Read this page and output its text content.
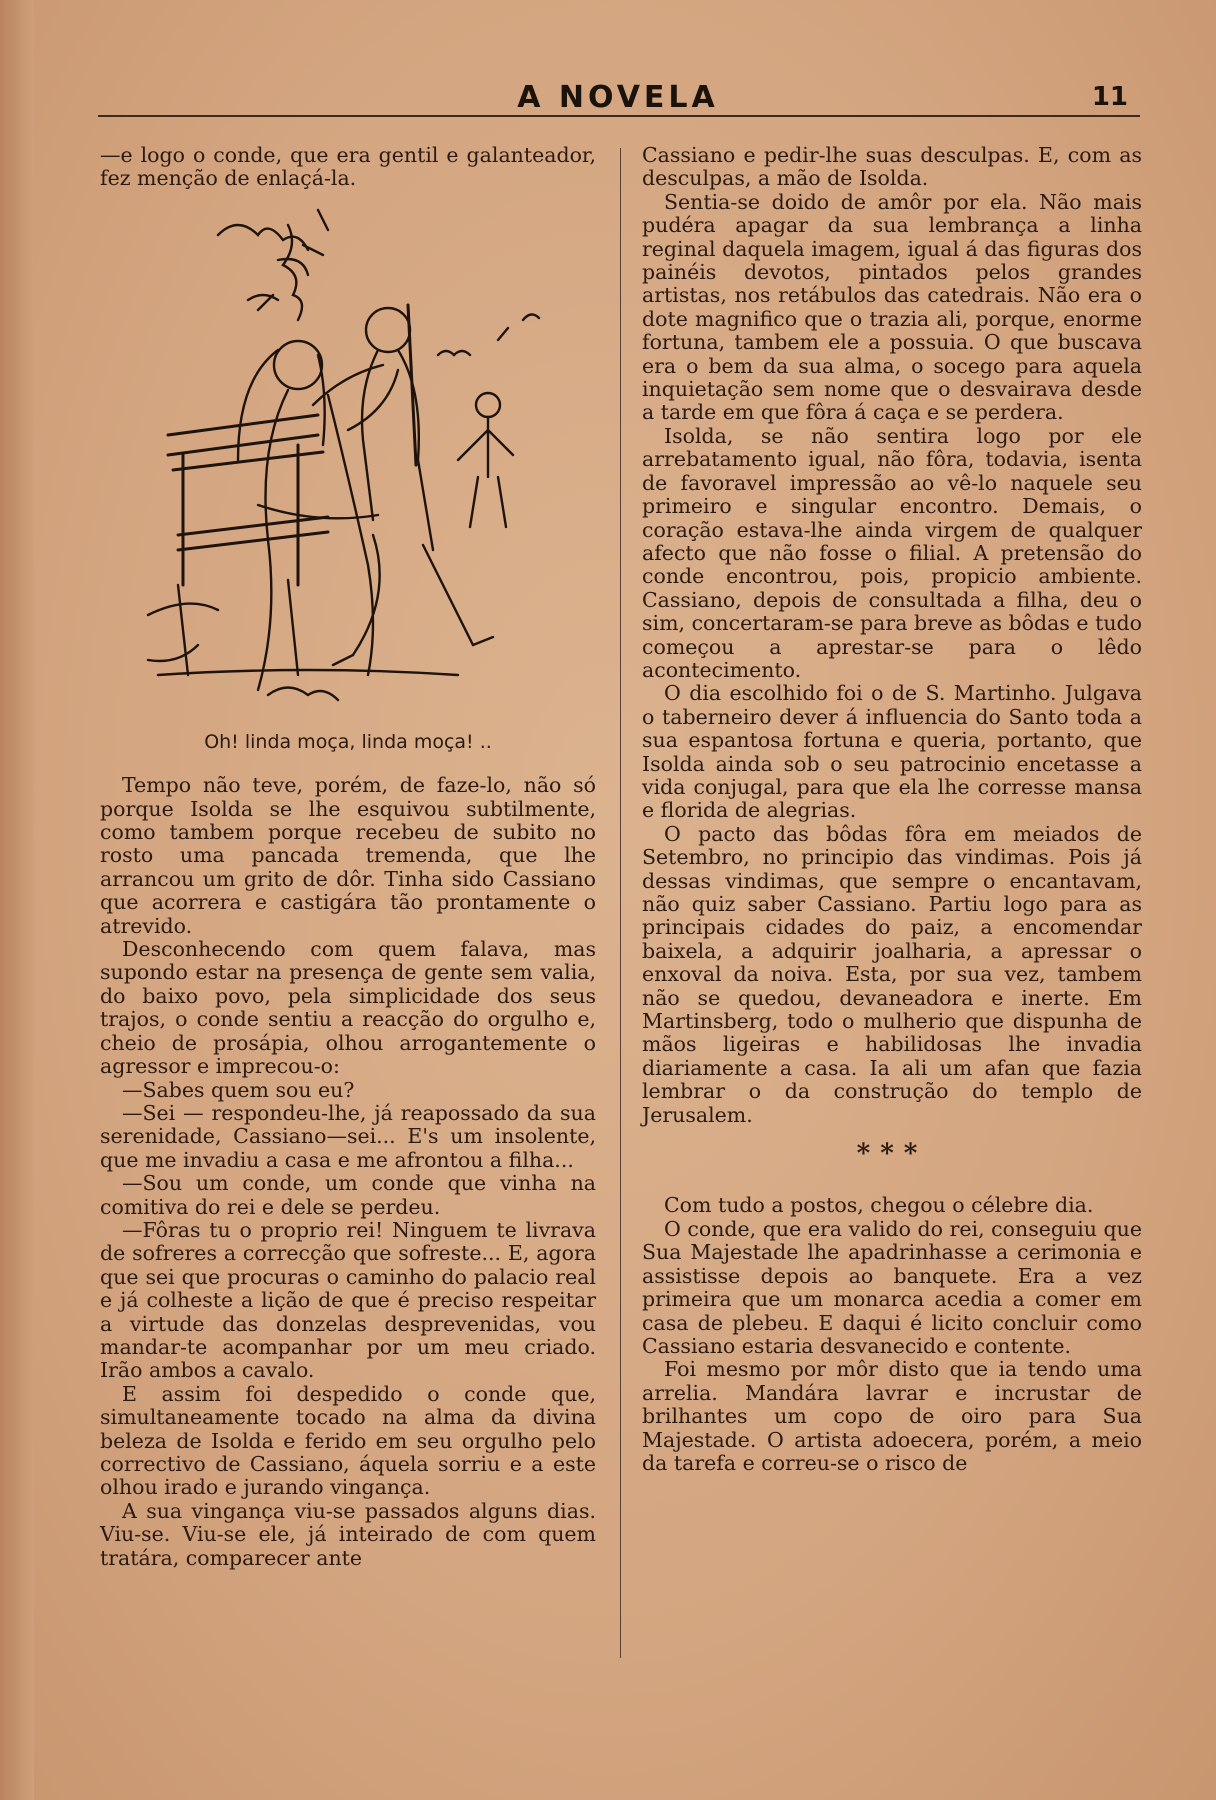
A NOVELA	11

—e logo o conde, que era gentil e galanteador, fez menção de enlaçá-la.

Oh! linda moça, linda moça! ..

Tempo não teve, porém, de faze-lo, não só porque Isolda se lhe esquivou subtilmente, como tambem porque recebeu de subito no rosto uma pancada tremenda, que lhe arrancou um grito de dôr. Tinha sido Cassiano que acorrera e castigára tão prontamente o atrevido.

Desconhecendo com quem falava, mas supondo estar na presença de gente sem valia, do baixo povo, pela simplicidade dos seus trajos, o conde sentiu a reacção do orgulho e, cheio de prosápia, olhou arrogantemente o agressor e imprecou-o:

—Sabes quem sou eu?

—Sei — respondeu-lhe, já reapossado da sua serenidade, Cassiano—sei... E's um insolente, que me invadiu a casa e me afrontou a filha...

—Sou um conde, um conde que vinha na comitiva do rei e dele se perdeu.

—Fôras tu o proprio rei! Ninguem te livrava de sofreres a correcção que sofreste... E, agora que sei que procuras o caminho do palacio real e já colheste a lição de que é preciso respeitar a virtude das donzelas desprevenidas, vou mandar-te acompanhar por um meu criado. Irão ambos a cavalo.

E assim foi despedido o conde que, simultaneamente tocado na alma da divina beleza de Isolda e ferido em seu orgulho pelo correctivo de Cassiano, áquela sorriu e a este olhou irado e jurando vingança.

A sua vingança viu-se passados alguns dias. Viu-se. Viu-se ele, já inteirado de com quem tratára, comparecer ante

Cassiano e pedir-lhe suas desculpas. E, com as desculpas, a mão de Isolda.

Sentia-se doido de amôr por ela. Não mais pudéra apagar da sua lembrança a linha reginal daquela imagem, igual á das figuras dos painéis devotos, pintados pelos grandes artistas, nos retábulos das catedrais. Não era o dote magnifico que o trazia ali, porque, enorme fortuna, tambem ele a possuia. O que buscava era o bem da sua alma, o socego para aquela inquietação sem nome que o desvairava desde a tarde em que fôra á caça e se perdera.

Isolda, se não sentira logo por ele arrebatamento igual, não fôra, todavia, isenta de favoravel impressão ao vê-lo naquele seu primeiro e singular encontro. Demais, o coração estava-lhe ainda virgem de qualquer afecto que não fosse o filial. A pretensão do conde encontrou, pois, propicio ambiente. Cassiano, depois de consultada a filha, deu o sim, concertaram-se para breve as bôdas e tudo começou a aprestar-se para o lêdo acontecimento.

O dia escolhido foi o de S. Martinho. Julgava o taberneiro dever á influencia do Santo toda a sua espantosa fortuna e queria, portanto, que Isolda ainda sob o seu patrocinio encetasse a vida conjugal, para que ela lhe corresse mansa e florida de alegrias.

O pacto das bôdas fôra em meiados de Setembro, no principio das vindimas. Pois já dessas vindimas, que sempre o encantavam, não quiz saber Cassiano. Partiu logo para as principais cidades do paiz, a encomendar baixela, a adquirir joalharia, a apressar o enxoval da noiva. Esta, por sua vez, tambem não se quedou, devaneadora e inerte. Em Martinsberg, todo o mulherio que dispunha de mãos ligeiras e habilidosas lhe invadia diariamente a casa. Ia ali um afan que fazia lembrar o da construção do templo de Jerusalem.

***

Com tudo a postos, chegou o célebre dia.

O conde, que era valido do rei, conseguiu que Sua Majestade lhe apadrinhasse a cerimonia e assistisse depois ao banquete. Era a vez primeira que um monarca acedia a comer em casa de plebeu. E daqui é licito concluir como Cassiano estaria desvanecido e contente.

Foi mesmo por môr disto que ia tendo uma arrelia. Mandára lavrar e incrustar de brilhantes um copo de oiro para Sua Majestade. O artista adoecera, porém, a meio da tarefa e correu-se o risco de
